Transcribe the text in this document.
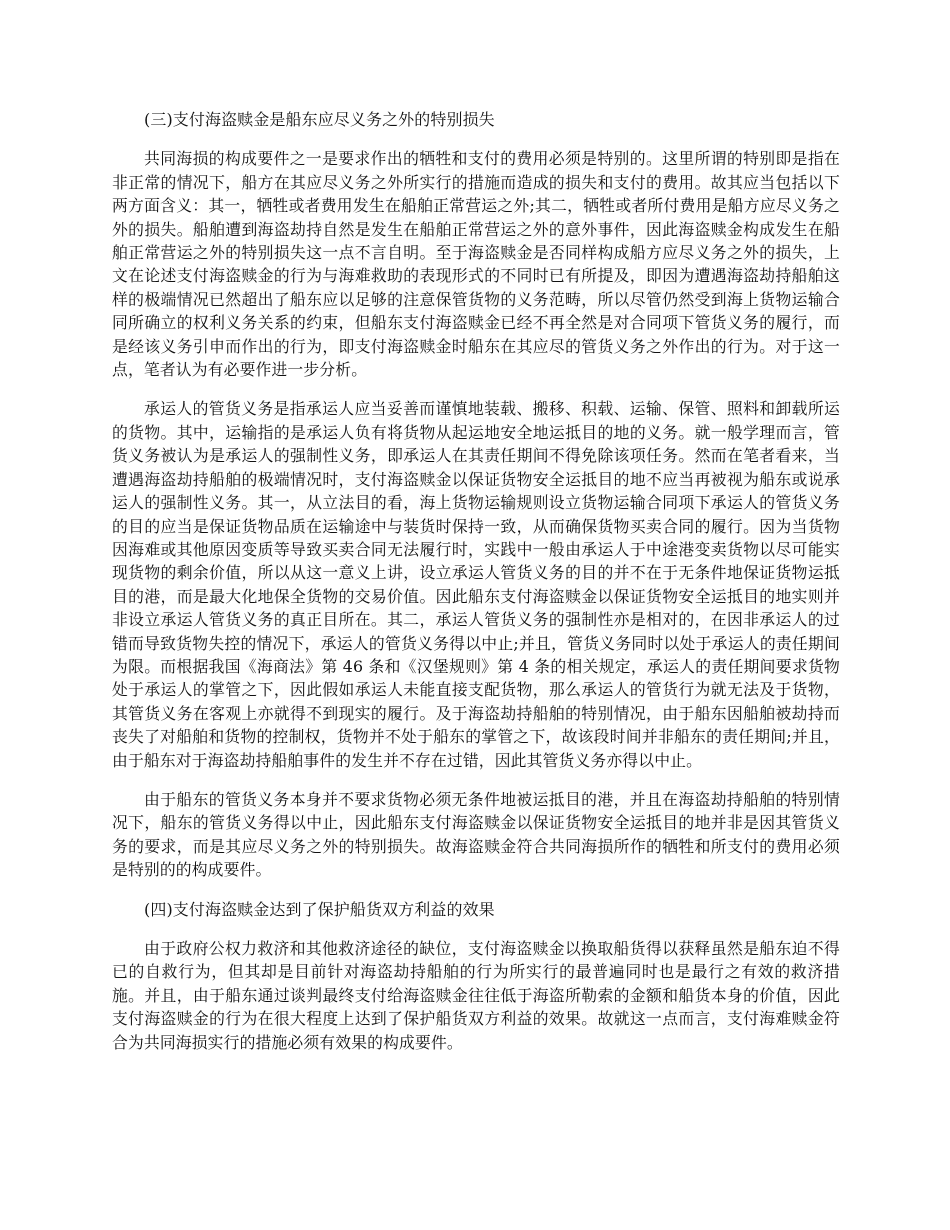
(三)支付海盗赎金是船东应尽义务之外的特别损失

共同海损的构成要件之一是要求作出的牺牲和支付的费用必须是特别的。这里所谓的特别即是指在非正常的情况下，船方在其应尽义务之外所实行的措施而造成的损失和支付的费用。故其应当包括以下两方面含义：其一，牺牲或者费用发生在船舶正常营运之外;其二，牺牲或者所付费用是船方应尽义务之外的损失。船舶遭到海盗劫持自然是发生在船舶正常营运之外的意外事件，因此海盗赎金构成发生在船舶正常营运之外的特别损失这一点不言自明。至于海盗赎金是否同样构成船方应尽义务之外的损失，上文在论述支付海盗赎金的行为与海难救助的表现形式的不同时已有所提及，即因为遭遇海盗劫持船舶这样的极端情况已然超出了船东应以足够的注意保管货物的义务范畴，所以尽管仍然受到海上货物运输合同所确立的权利义务关系的约束，但船东支付海盗赎金已经不再全然是对合同项下管货义务的履行，而是经该义务引申而作出的行为，即支付海盗赎金时船东在其应尽的管货义务之外作出的行为。对于这一点，笔者认为有必要作进一步分析。

承运人的管货义务是指承运人应当妥善而谨慎地装载、搬移、积载、运输、保管、照料和卸载所运的货物。其中，运输指的是承运人负有将货物从起运地安全地运抵目的地的义务。就一般学理而言，管货义务被认为是承运人的强制性义务，即承运人在其责任期间不得免除该项任务。然而在笔者看来，当遭遇海盗劫持船舶的极端情况时，支付海盗赎金以保证货物安全运抵目的地不应当再被视为船东或说承运人的强制性义务。其一，从立法目的看，海上货物运输规则设立货物运输合同项下承运人的管货义务的目的应当是保证货物品质在运输途中与装货时保持一致，从而确保货物买卖合同的履行。因为当货物因海难或其他原因变质等导致买卖合同无法履行时，实践中一般由承运人于中途港变卖货物以尽可能实现货物的剩余价值，所以从这一意义上讲，设立承运人管货义务的目的并不在于无条件地保证货物运抵目的港，而是最大化地保全货物的交易价值。因此船东支付海盗赎金以保证货物安全运抵目的地实则并非设立承运人管货义务的真正目所在。其二，承运人管货义务的强制性亦是相对的，在因非承运人的过错而导致货物失控的情况下，承运人的管货义务得以中止;并且，管货义务同时以处于承运人的责任期间为限。而根据我国《海商法》第 46 条和《汉堡规则》第 4 条的相关规定，承运人的责任期间要求货物处于承运人的掌管之下，因此假如承运人未能直接支配货物，那么承运人的管货行为就无法及于货物，其管货义务在客观上亦就得不到现实的履行。及于海盗劫持船舶的特别情况，由于船东因船舶被劫持而丧失了对船舶和货物的控制权，货物并不处于船东的掌管之下，故该段时间并非船东的责任期间;并且，由于船东对于海盗劫持船舶事件的发生并不存在过错，因此其管货义务亦得以中止。

由于船东的管货义务本身并不要求货物必须无条件地被运抵目的港，并且在海盗劫持船舶的特别情况下，船东的管货义务得以中止，因此船东支付海盗赎金以保证货物安全运抵目的地并非是因其管货义务的要求，而是其应尽义务之外的特别损失。故海盗赎金符合共同海损所作的牺牲和所支付的费用必须是特别的的构成要件。

(四)支付海盗赎金达到了保护船货双方利益的效果

由于政府公权力救济和其他救济途径的缺位，支付海盗赎金以换取船货得以获释虽然是船东迫不得已的自救行为，但其却是目前针对海盗劫持船舶的行为所实行的最普遍同时也是最行之有效的救济措施。并且，由于船东通过谈判最终支付给海盗赎金往往低于海盗所勒索的金额和船货本身的价值，因此支付海盗赎金的行为在很大程度上达到了保护船货双方利益的效果。故就这一点而言，支付海难赎金符合为共同海损实行的措施必须有效果的构成要件。
